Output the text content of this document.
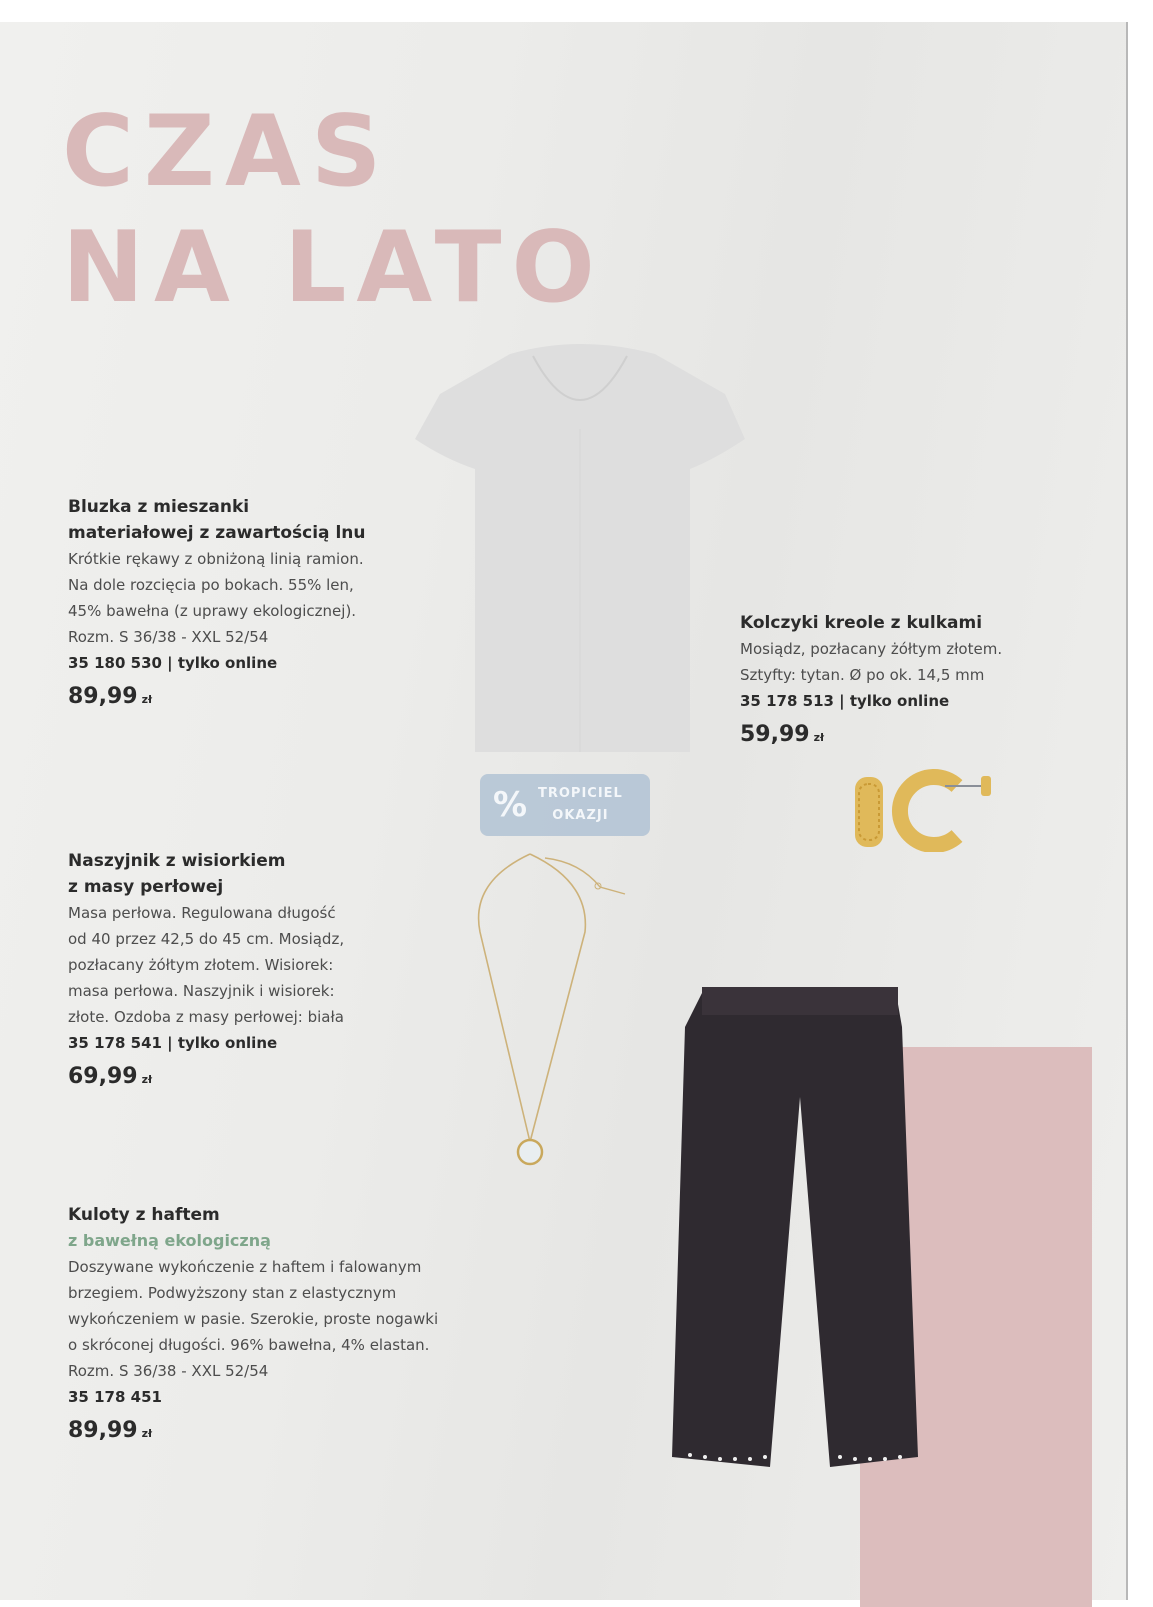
CZAS
NA LATO
% TROPICIEL
OKAZJI
Bluzka z mieszanki
materiałowej z zawartością lnu
Krótkie rękawy z obniżoną linią ramion.
Na dole rozcięcia po bokach. 55% len,
45% bawełna (z uprawy ekologicznej).
Rozm. S 36/38 - XXL 52/54
35 180 530 | tylko online
89,99 zł
Kolczyki kreole z kulkami
Mosiądz, pozłacany żółtym złotem.
Sztyfty: tytan. Ø po ok. 14,5 mm
35 178 513 | tylko online
59,99 zł
Naszyjnik z wisiorkiem
z masy perłowej
Masa perłowa. Regulowana długość
od 40 przez 42,5 do 45 cm. Mosiądz,
pozłacany żółtym złotem. Wisiorek:
masa perłowa. Naszyjnik i wisiorek:
złote. Ozdoba z masy perłowej: biała
35 178 541 | tylko online
69,99 zł
Kuloty z haftem
z bawełną ekologiczną
Doszywane wykończenie z haftem i falowanym
brzegiem. Podwyższony stan z elastycznym
wykończeniem w pasie. Szerokie, proste nogawki
o skróconej długości. 96% bawełna, 4% elastan.
Rozm. S 36/38 - XXL 52/54
35 178 451
89,99 zł
